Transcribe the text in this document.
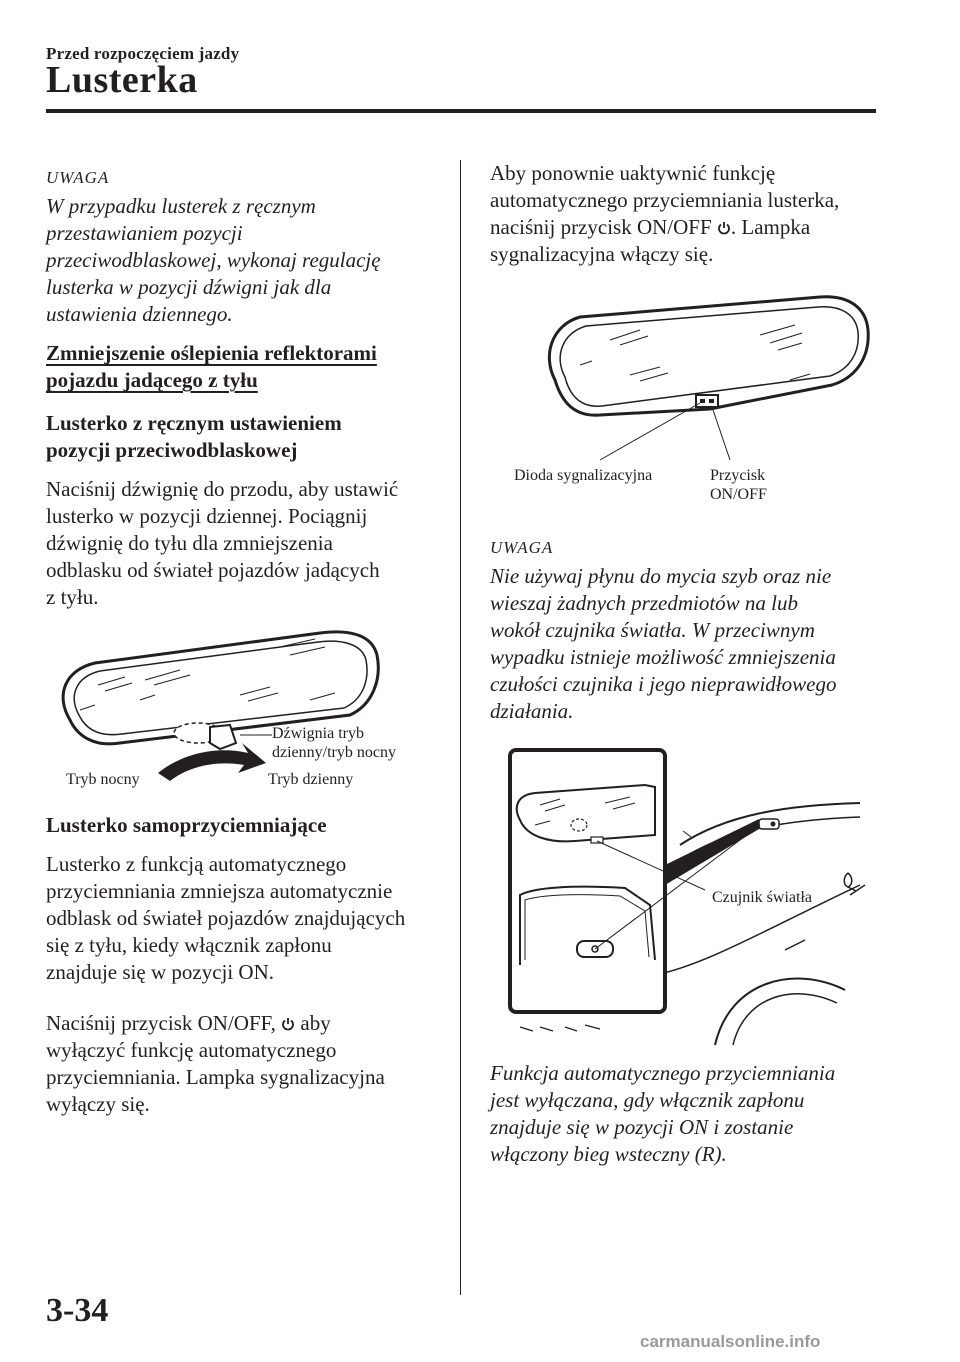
Przed rozpoczęciem jazdy
Lusterka
UWAGA
W przypadku lusterek z ręcznym
przestawianiem pozycji
przeciwodblaskowej, wykonaj regulację
lusterka w pozycji dźwigni jak dla
ustawienia dziennego.
Zmniejszenie oślepienia reflektorami
pojazdu jadącego z tyłu
Lusterko z ręcznym ustawieniem
pozycji przeciwodblaskowej
Naciśnij dźwignię do przodu, aby ustawić
lusterko w pozycji dziennej. Pociągnij
dźwignię do tyłu dla zmniejszenia
odblasku od świateł pojazdów jadących
z tyłu.
Dźwignia tryb
dzienny/tryb nocny
Tryb nocny	Tryb dzienny
Lusterko samoprzyciemniające
Lusterko z funkcją automatycznego
przyciemniania zmniejsza automatycznie
odblask od świateł pojazdów znajdujących
się z tyłu, kiedy włącznik zapłonu
znajduje się w pozycji ON.
Naciśnij przycisk ON/OFF,  aby
wyłączyć funkcję automatycznego
przyciemniania. Lampka sygnalizacyjna
wyłączy się.
Aby ponownie uaktywnić funkcję
automatycznego przyciemniania lusterka,
naciśnij przycisk ON/OFF . Lampka
sygnalizacyjna włączy się.
Dioda sygnalizacyjna	Przycisk
ON/OFF
UWAGA
Nie używaj płynu do mycia szyb oraz nie
wieszaj żadnych przedmiotów na lub
wokół czujnika światła. W przeciwnym
wypadku istnieje możliwość zmniejszenia
czułości czujnika i jego nieprawidłowego
działania.
Czujnik światła
Funkcja automatycznego przyciemniania
jest wyłączana, gdy włącznik zapłonu
znajduje się w pozycji ON i zostanie
włączony bieg wsteczny (R).
3-34
carmanualsonline.info
